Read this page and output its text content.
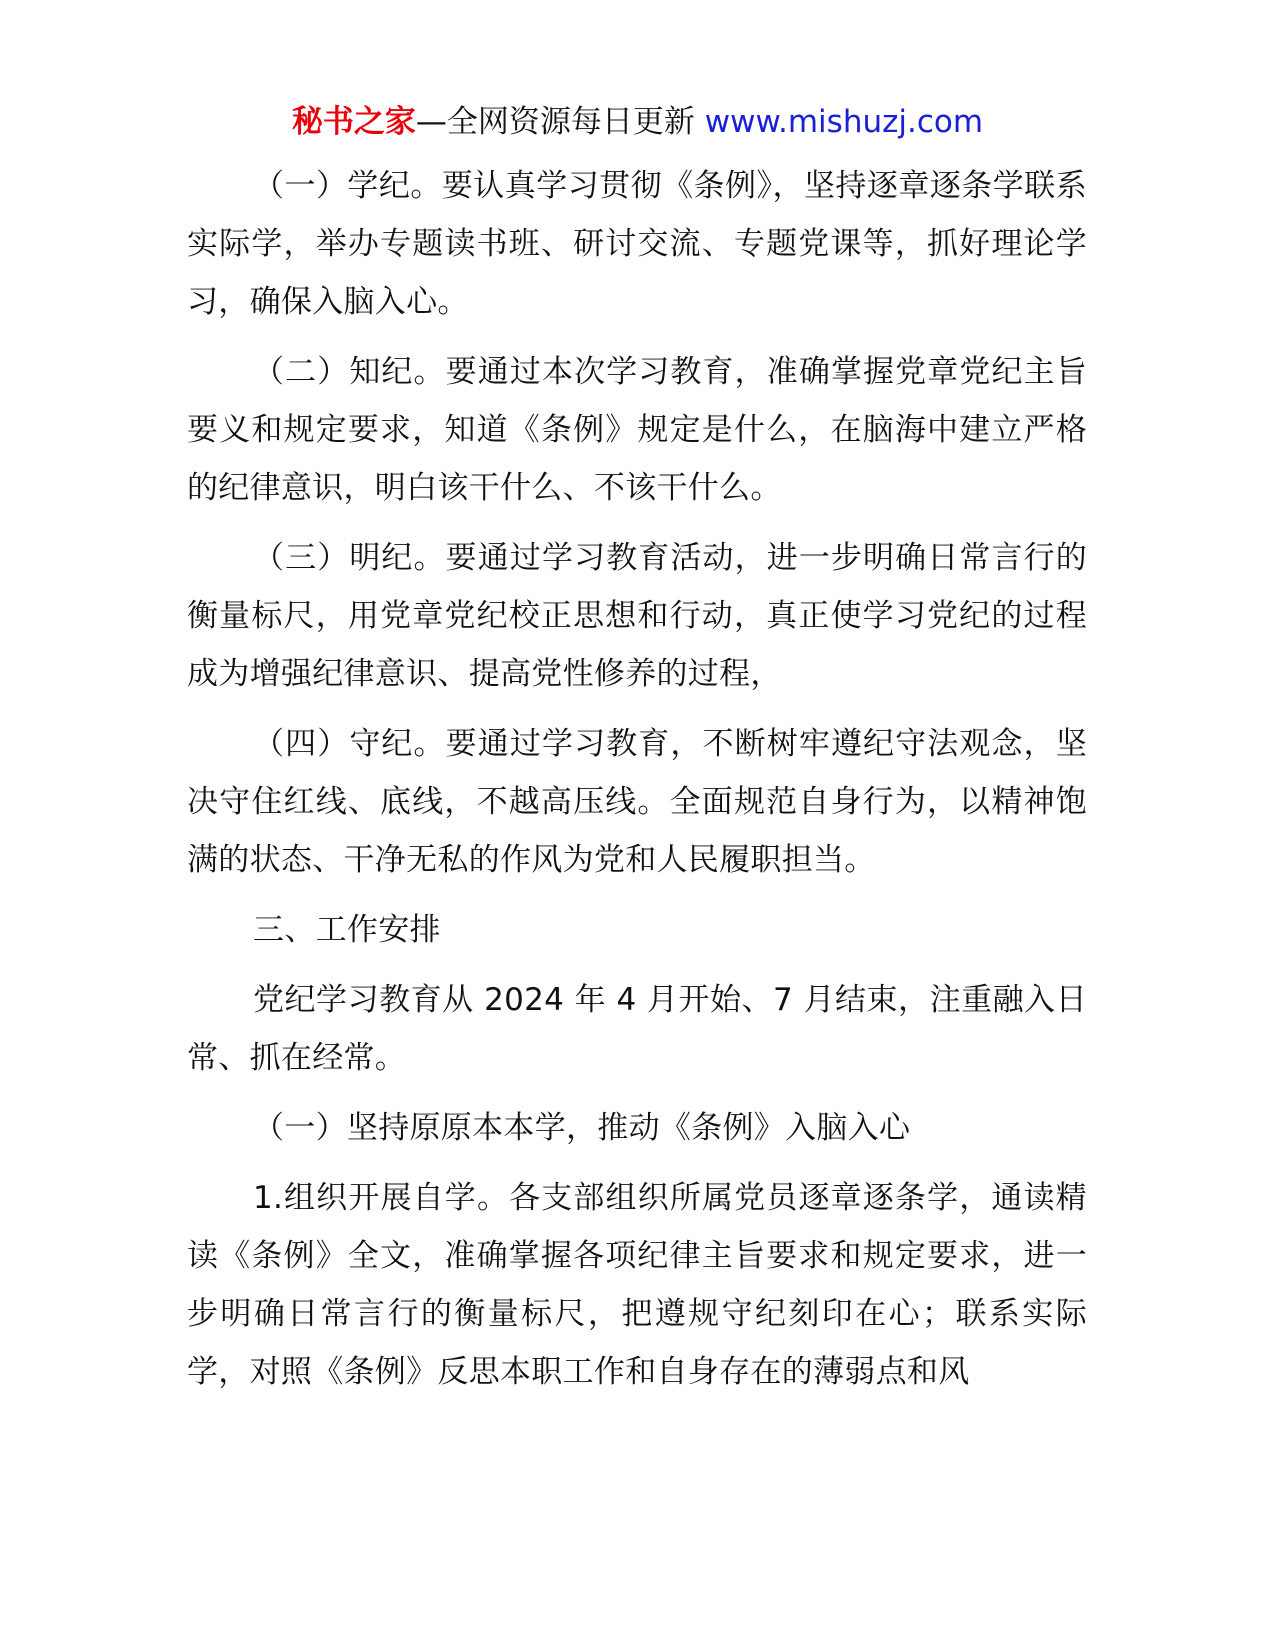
秘书之家—全网资源每日更新 www.mishuzj.com

（一）学纪。要认真学习贯彻《条例》，坚持逐章逐条学联系实际学，举办专题读书班、研讨交流、专题党课等，抓好理论学习，确保入脑入心。

（二）知纪。要通过本次学习教育，准确掌握党章党纪主旨要义和规定要求，知道《条例》规定是什么，在脑海中建立严格的纪律意识，明白该干什么、不该干什么。

（三）明纪。要通过学习教育活动，进一步明确日常言行的衡量标尺，用党章党纪校正思想和行动，真正使学习党纪的过程成为增强纪律意识、提高党性修养的过程，

（四）守纪。要通过学习教育，不断树牢遵纪守法观念，坚决守住红线、底线，不越高压线。全面规范自身行为，以精神饱满的状态、干净无私的作风为党和人民履职担当。

三、工作安排

党纪学习教育从 2024 年 4 月开始、7 月结束，注重融入日常、抓在经常。

（一）坚持原原本本学，推动《条例》入脑入心

1.组织开展自学。各支部组织所属党员逐章逐条学，通读精读《条例》全文，准确掌握各项纪律主旨要求和规定要求，进一步明确日常言行的衡量标尺，把遵规守纪刻印在心；联系实际学，对照《条例》反思本职工作和自身存在的薄弱点和风
